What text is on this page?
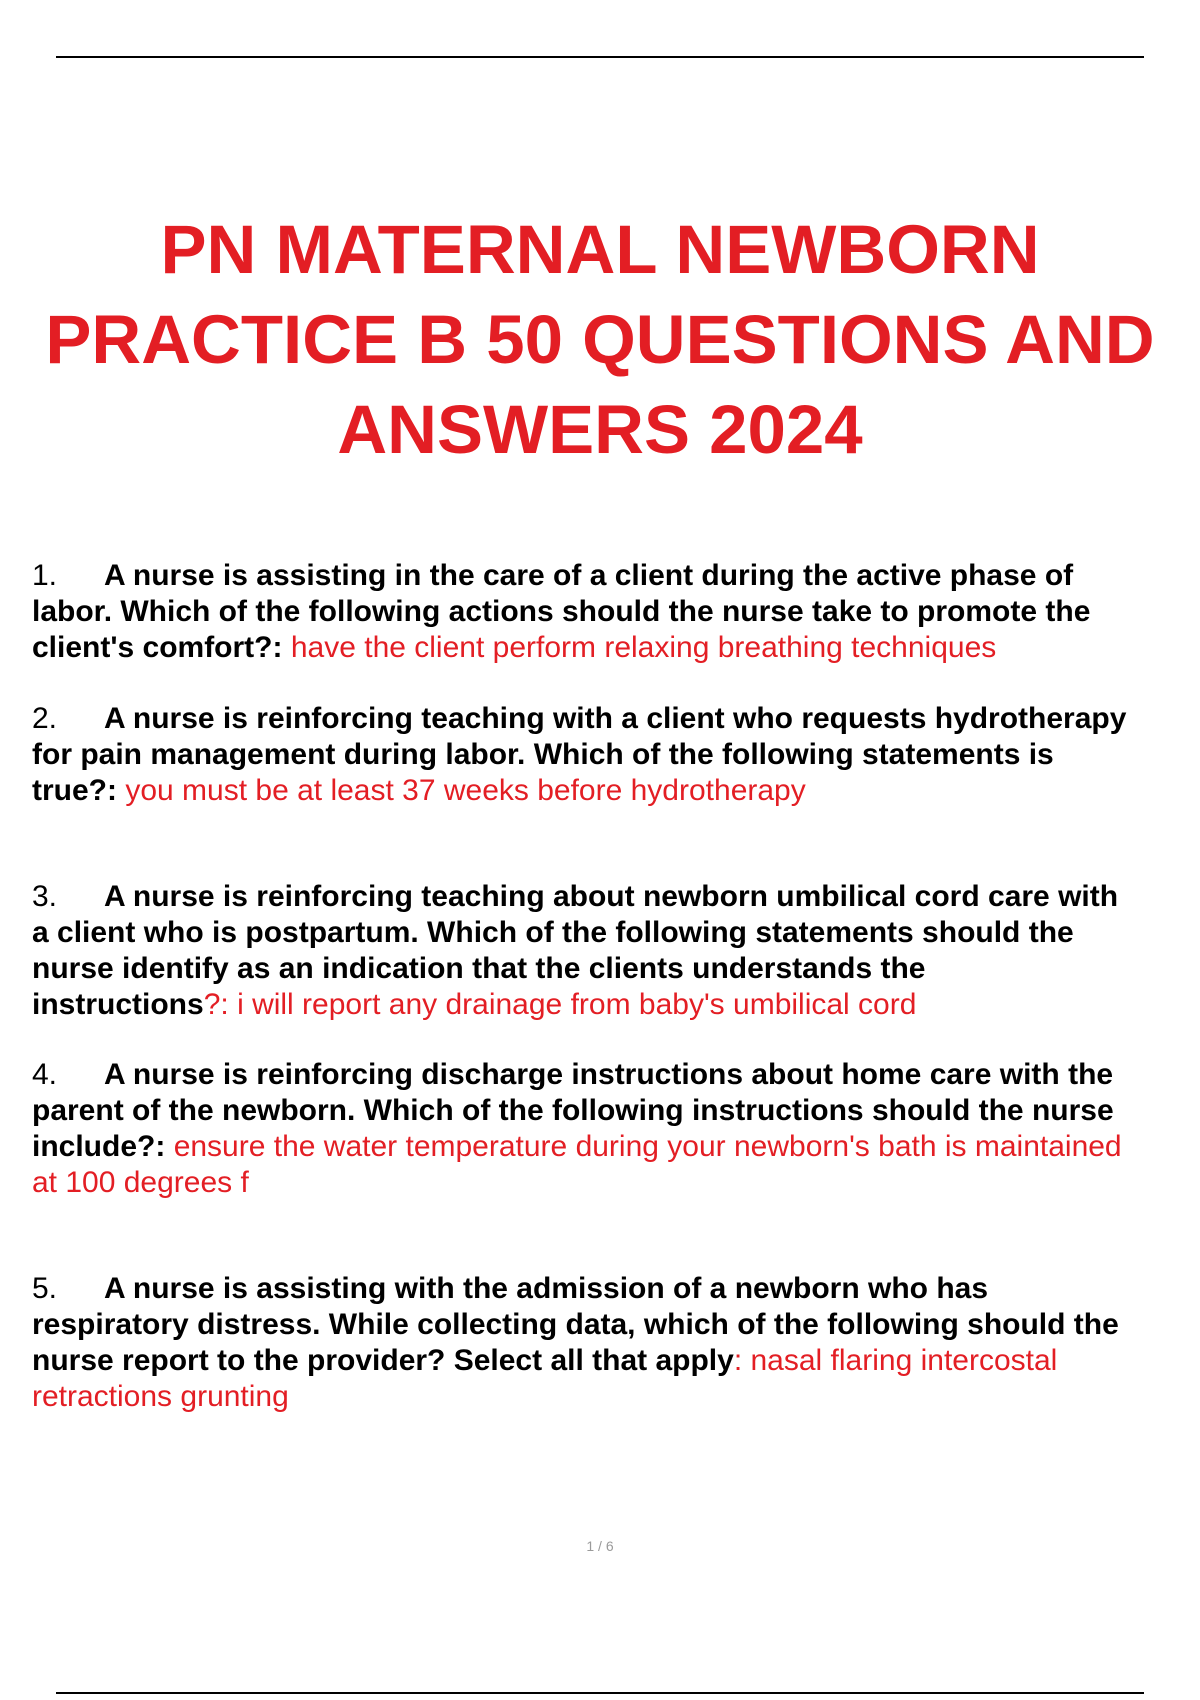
PN MATERNAL NEWBORN
PRACTICE B 50 QUESTIONS AND
ANSWERS 2024
1. A nurse is assisting in the care of a client during the active phase of
labor. Which of the following actions should the nurse take to promote the
client's comfort?: have the client perform relaxing breathing techniques
2. A nurse is reinforcing teaching with a client who requests hydrotherapy
for pain management during labor. Which of the following statements is
true?: you must be at least 37 weeks before hydrotherapy
3. A nurse is reinforcing teaching about newborn umbilical cord care with
a client who is postpartum. Which of the following statements should the
nurse identify as an indication that the clients understands the
instructions?: i will report any drainage from baby's umbilical cord
4. A nurse is reinforcing discharge instructions about home care with the
parent of the newborn. Which of the following instructions should the nurse
include?: ensure the water temperature during your newborn's bath is maintained
at 100 degrees f
5. A nurse is assisting with the admission of a newborn who has
respiratory distress. While collecting data, which of the following should the
nurse report to the provider? Select all that apply: nasal flaring intercostal
retractions grunting
1 / 6
